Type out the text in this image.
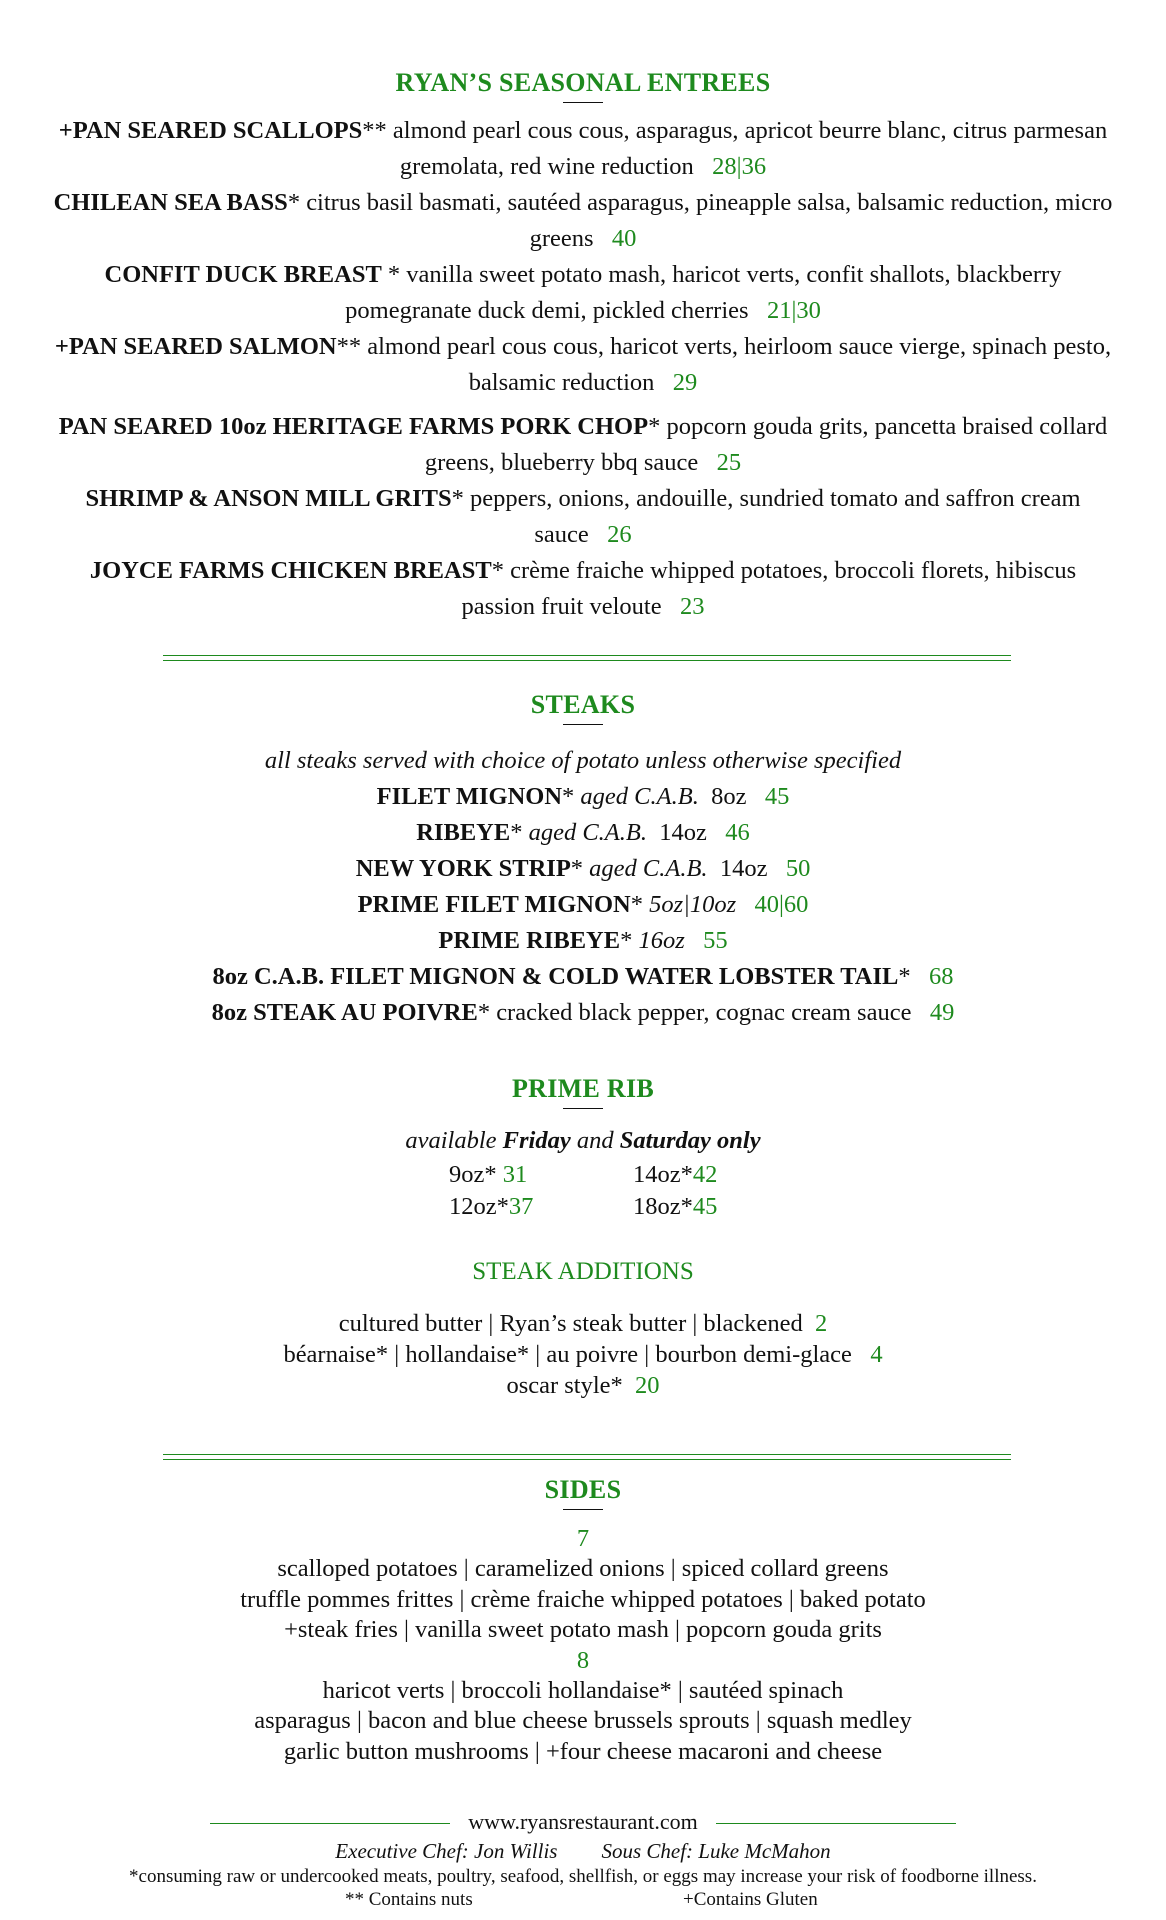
RYAN’S SEASONAL ENTREES
+PAN SEARED SCALLOPS** almond pearl cous cous, asparagus, apricot beurre blanc, citrus parmesan gremolata, red wine reduction 28|36
CHILEAN SEA BASS* citrus basil basmati, sautéed asparagus, pineapple salsa, balsamic reduction, micro greens 40
CONFIT DUCK BREAST * vanilla sweet potato mash, haricot verts, confit shallots, blackberry pomegranate duck demi, pickled cherries 21|30
+PAN SEARED SALMON** almond pearl cous cous, haricot verts, heirloom sauce vierge, spinach pesto, balsamic reduction 29
PAN SEARED 10oz HERITAGE FARMS PORK CHOP* popcorn gouda grits, pancetta braised collard greens, blueberry bbq sauce 25
SHRIMP & ANSON MILL GRITS* peppers, onions, andouille, sundried tomato and saffron cream sauce 26
JOYCE FARMS CHICKEN BREAST* crème fraiche whipped potatoes, broccoli florets, hibiscus passion fruit veloute 23
STEAKS
all steaks served with choice of potato unless otherwise specified
FILET MIGNON* aged C.A.B. 8oz 45
RIBEYE* aged C.A.B. 14oz 46
NEW YORK STRIP* aged C.A.B. 14oz 50
PRIME FILET MIGNON* 5oz|10oz 40|60
PRIME RIBEYE* 16oz 55
8oz C.A.B. FILET MIGNON & COLD WATER LOBSTER TAIL* 68
8oz STEAK AU POIVRE* cracked black pepper, cognac cream sauce 49
PRIME RIB
available Friday and Saturday only
9oz* 31	14oz*42
12oz*37	18oz*45
STEAK ADDITIONS
cultured butter | Ryan’s steak butter | blackened 2
béarnaise* | hollandaise* | au poivre | bourbon demi-glace 4
oscar style* 20
SIDES
7
scalloped potatoes | caramelized onions | spiced collard greens
truffle pommes frittes | crème fraiche whipped potatoes | baked potato
+steak fries | vanilla sweet potato mash | popcorn gouda grits
8
haricot verts | broccoli hollandaise* | sautéed spinach
asparagus | bacon and blue cheese brussels sprouts | squash medley
garlic button mushrooms | +four cheese macaroni and cheese
www.ryansrestaurant.com
Executive Chef: Jon Willis Sous Chef: Luke McMahon
*consuming raw or undercooked meats, poultry, seafood, shellfish, or eggs may increase your risk of foodborne illness.
** Contains nuts	+Contains Gluten
